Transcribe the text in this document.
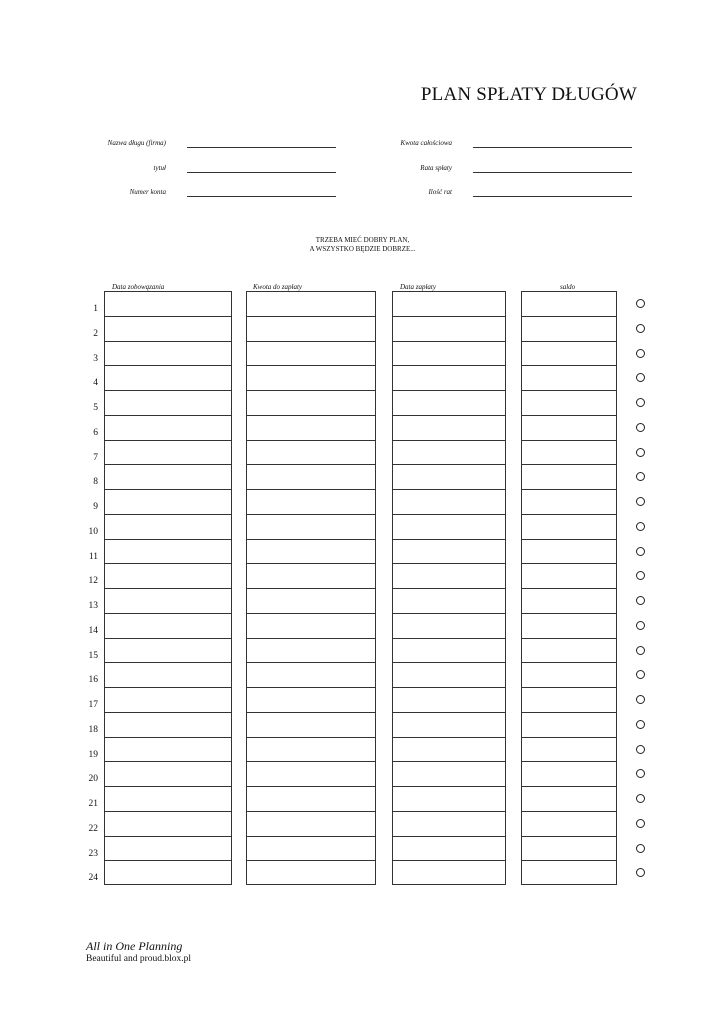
PLAN SPŁATY DŁUGÓW
Nazwa długu (firma)
tytuł
Numer konta
Kwota całościowa
Rata spłaty
Ilość rat
TRZEBA MIEĆ DOBRY PLAN,
A WSZYSTKO BĘDZIE DOBRZE...
Data zobowązania	Kwota do zapłaty	Data zapłaty	saldo
1
2
3
4
5
6
7
8
9
10
11
12
13
14
15
16
17
18
19
20
21
22
23
24
All in One Planning
Beautiful and proud.blox.pl
